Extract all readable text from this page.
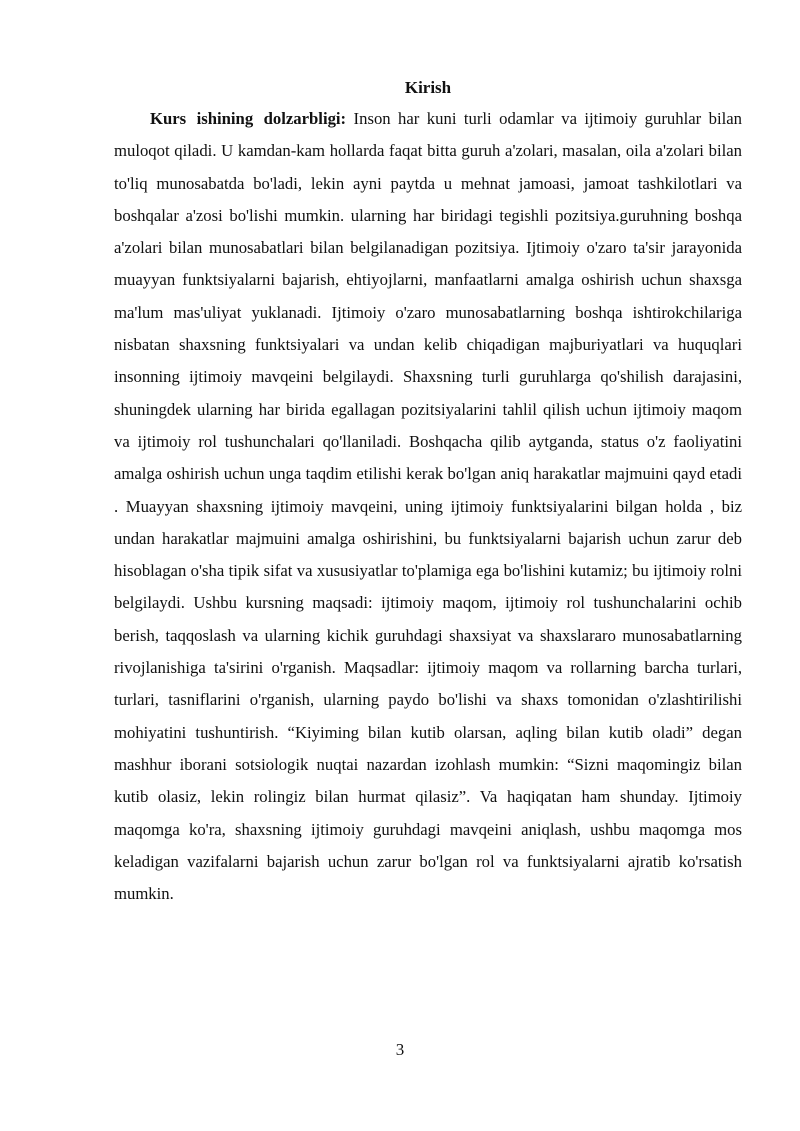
Kirish

Kurs ishining dolzarbligi: Inson har kuni turli odamlar va ijtimoiy guruhlar bilan muloqot qiladi. U kamdan-kam hollarda faqat bitta guruh a'zolari, masalan, oila a'zolari bilan to'liq munosabatda bo'ladi, lekin ayni paytda u mehnat jamoasi, jamoat tashkilotlari va boshqalar a'zosi bo'lishi mumkin. ularning har biridagi tegishli pozitsiya.guruhning boshqa a'zolari bilan munosabatlari bilan belgilanadigan pozitsiya. Ijtimoiy o'zaro ta'sir jarayonida muayyan funktsiyalarni bajarish, ehtiyojlarni, manfaatlarni amalga oshirish uchun shaxsga ma'lum mas'uliyat yuklanadi. Ijtimoiy o'zaro munosabatlarning boshqa ishtirokchilariga nisbatan shaxsning funktsiyalari va undan kelib chiqadigan majburiyatlari va huquqlari insonning ijtimoiy mavqeini belgilaydi. Shaxsning turli guruhlarga qo'shilish darajasini, shuningdek ularning har birida egallagan pozitsiyalarini tahlil qilish uchun ijtimoiy maqom va ijtimoiy rol tushunchalari qo'llaniladi. Boshqacha qilib aytganda, status o'z faoliyatini amalga oshirish uchun unga taqdim etilishi kerak bo'lgan aniq harakatlar majmuini qayd etadi . Muayyan shaxsning ijtimoiy mavqeini, uning ijtimoiy funktsiyalarini bilgan holda , biz undan harakatlar majmuini amalga oshirishini, bu funktsiyalarni bajarish uchun zarur deb hisoblagan o'sha tipik sifat va xususiyatlar to'plamiga ega bo'lishini kutamiz; bu ijtimoiy rolni belgilaydi. Ushbu kursning maqsadi: ijtimoiy maqom, ijtimoiy rol tushunchalarini ochib berish, taqqoslash va ularning kichik guruhdagi shaxsiyat va shaxslararo munosabatlarning rivojlanishiga ta'sirini o'rganish. Maqsadlar: ijtimoiy maqom va rollarning barcha turlari, turlari, tasniflarini o'rganish, ularning paydo bo'lishi va shaxs tomonidan o'zlashtirilishi mohiyatini tushuntirish. “Kiyiming bilan kutib olarsan, aqling bilan kutib oladi” degan mashhur iborani sotsiologik nuqtai nazardan izohlash mumkin: “Sizni maqomingiz bilan kutib olasiz, lekin rolingiz bilan hurmat qilasiz”. Va haqiqatan ham shunday. Ijtimoiy maqomga ko'ra, shaxsning ijtimoiy guruhdagi mavqeini aniqlash, ushbu maqomga mos keladigan vazifalarni bajarish uchun zarur bo'lgan rol va funktsiyalarni ajratib ko'rsatish mumkin.

3
